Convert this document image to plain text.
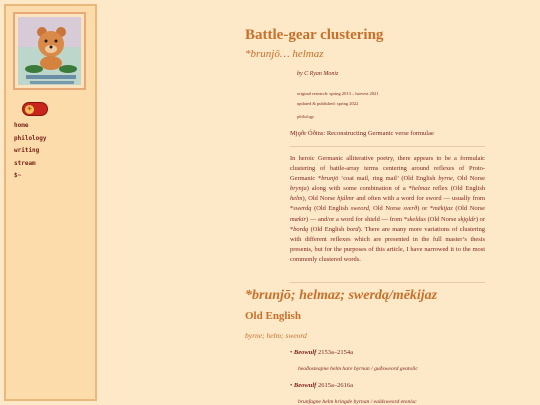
☀
home
philology
writing
stream
$~
Battle-gear clustering
*brunjō… helmaz
by C Ryan Moniz
original research: spring 2013 – harvest 2021
updated & published: spring 2022
philology
Mjǫðr Óðins: Reconstructing Germanic verse formulae
In heroic Germanic alliterative poetry, there appears to be a formulaic clustering of battle-array terms centering around reflexes of Proto-Germanic *brunjō ‘coat mail, ring mail’ (Old English byrne, Old Norse brynja) along with some combination of a *helmaz reflex (Old English helm), Old Norse hjálmr and often with a word for sword — usually from *swerdą (Old English sweord, Old Norse sverð) or *mēkijaz (Old Norse mækir) — and/or a word for shield — from *skeldus (Old Norse skjǫldr) or *bordą (Old English bord). There are many more variations of clustering with different reflexes which are presented in the full master’s thesis presents, but for the purposes of this article, I have narrowed it to the most commonly clustered words.
*brunjō; helmaz; swerdą/mēkijaz
Old English
byrne; helm; sweord
• Beowulf 2153a–2154a
heaðosteapne helm hare byrnan / guðsweord geatolic
• Beowulf 2615a–2616a
brunfagne helm hringde byrnan / ealdsweord etonisc
